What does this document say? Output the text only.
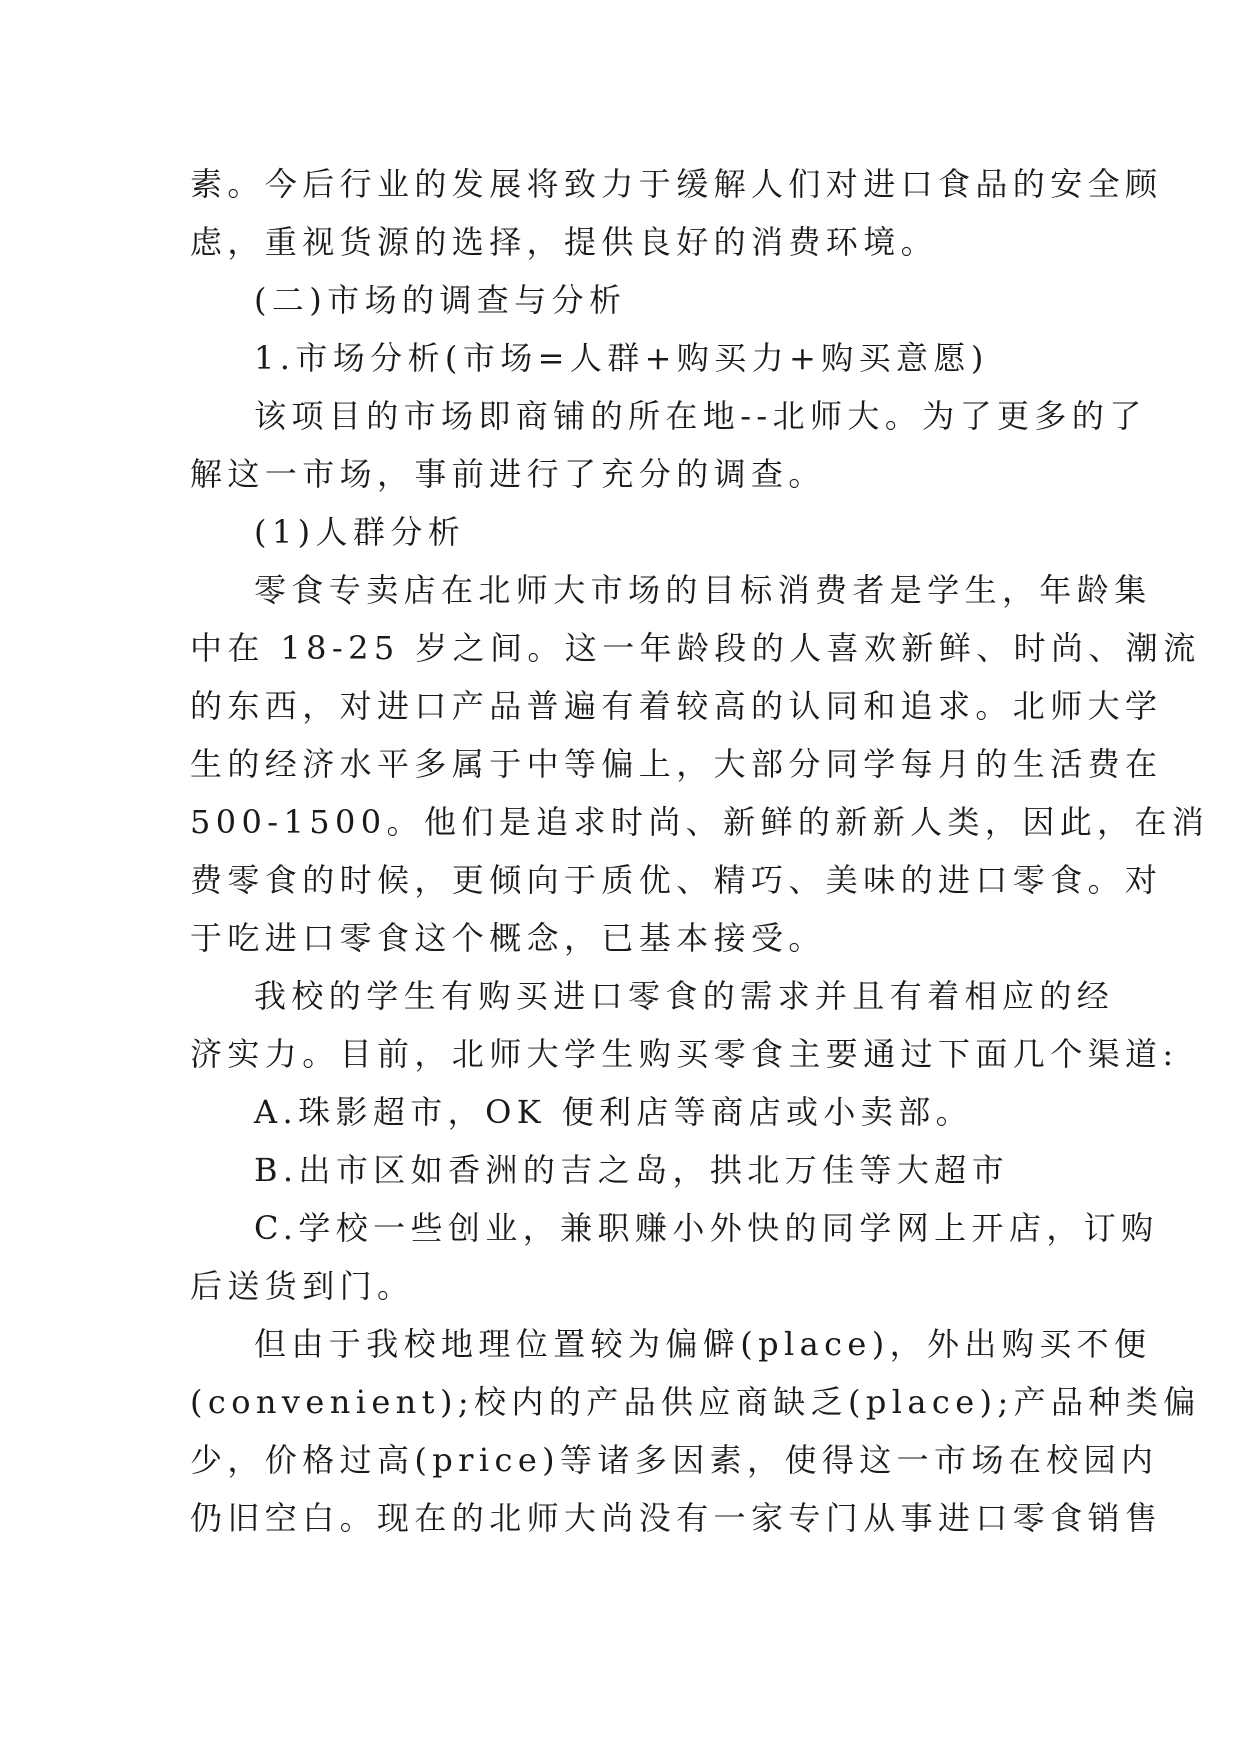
素。今后行业的发展将致力于缓解人们对进口食品的安全顾
虑，重视货源的选择，提供良好的消费环境。
(二)市场的调查与分析
1.市场分析(市场=人群+购买力+购买意愿)
该项目的市场即商铺的所在地--北师大。为了更多的了
解这一市场，事前进行了充分的调查。
(1)人群分析
零食专卖店在北师大市场的目标消费者是学生，年龄集
中在 18-25 岁之间。这一年龄段的人喜欢新鲜、时尚、潮流
的东西，对进口产品普遍有着较高的认同和追求。北师大学
生的经济水平多属于中等偏上，大部分同学每月的生活费在
500-1500。他们是追求时尚、新鲜的新新人类，因此，在消
费零食的时候，更倾向于质优、精巧、美味的进口零食。对
于吃进口零食这个概念，已基本接受。
我校的学生有购买进口零食的需求并且有着相应的经
济实力。目前，北师大学生购买零食主要通过下面几个渠道:
A.珠影超市，OK 便利店等商店或小卖部。
B.出市区如香洲的吉之岛，拱北万佳等大超市
C.学校一些创业，兼职赚小外快的同学网上开店，订购
后送货到门。
但由于我校地理位置较为偏僻(place)，外出购买不便
(convenient);校内的产品供应商缺乏(place);产品种类偏
少，价格过高(price)等诸多因素，使得这一市场在校园内
仍旧空白。现在的北师大尚没有一家专门从事进口零食销售
